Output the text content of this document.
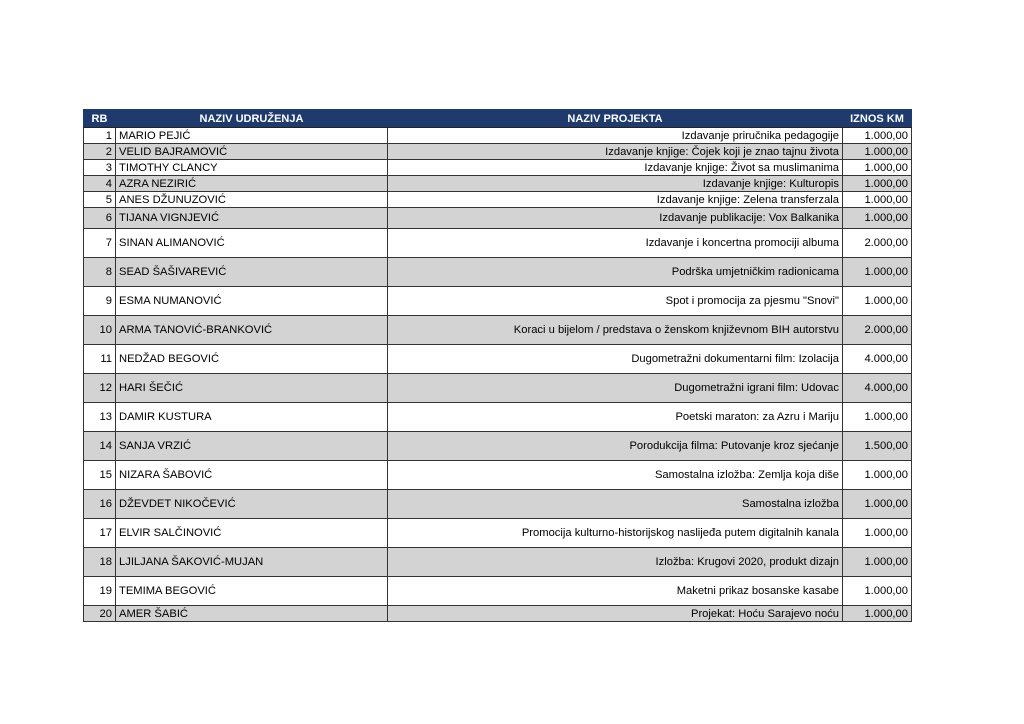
RB	NAZIV UDRUŽENJA	NAZIV PROJEKTA	IZNOS KM
1	MARIO PEJIĆ	Izdavanje priručnika pedagogije	1.000,00
2	VELID BAJRAMOVIĆ	Izdavanje knjige: Čojek koji je znao tajnu života	1.000,00
3	TIMOTHY CLANCY	Izdavanje knjige: Život sa muslimanima	1.000,00
4	AZRA NEZIRIĆ	Izdavanje knjige: Kulturopis	1.000,00
5	ANES DŽUNUZOVIĆ	Izdavanje knjige: Zelena transferzala	1.000,00
6	TIJANA VIGNJEVIĆ	Izdavanje publikacije: Vox Balkanika	1.000,00
7	SINAN ALIMANOVIĆ	Izdavanje i koncertna promociji albuma	2.000,00
8	SEAD ŠAŠIVAREVIĆ	Podrška umjetničkim radionicama	1.000,00
9	ESMA NUMANOVIĆ	Spot i promocija za pjesmu "Snovi"	1.000,00
10	ARMA TANOVIĆ-BRANKOVIĆ	Koraci u bijelom / predstava o ženskom književnom BIH autorstvu	2.000,00
11	NEDŽAD BEGOVIĆ	Dugometražni dokumentarni film: Izolacija	4.000,00
12	HARI ŠEČIĆ	Dugometražni igrani film: Udovac	4.000,00
13	DAMIR KUSTURA	Poetski maraton: za Azru i Mariju	1.000,00
14	SANJA VRZIĆ	Porodukcija filma: Putovanje kroz sjećanje	1.500,00
15	NIZARA ŠABOVIĆ	Samostalna izložba: Zemlja koja diše	1.000,00
16	DŽEVDET NIKOČEVIĆ	Samostalna izložba	1.000,00
17	ELVIR SALČINOVIĆ	Promocija kulturno-historijskog naslijeđa putem digitalnih kanala	1.000,00
18	LJILJANA ŠAKOVIĆ-MUJAN	Izložba: Krugovi 2020, produkt dizajn	1.000,00
19	TEMIMA BEGOVIĆ	Maketni prikaz bosanske kasabe	1.000,00
20	AMER ŠABIĆ	Projekat: Hoću Sarajevo noću	1.000,00
